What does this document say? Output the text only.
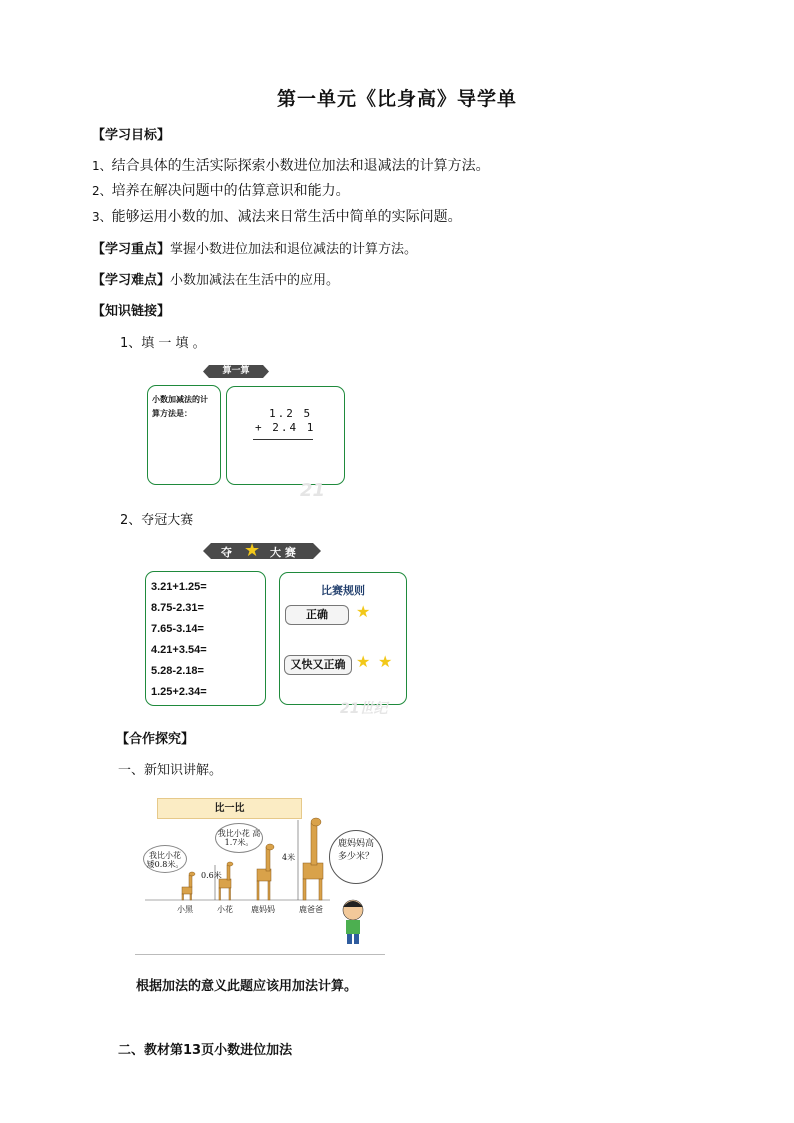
第一单元《比身高》导学单
【学习目标】
1、结合具体的生活实际探索小数进位加法和退减法的计算方法。
2、培养在解决问题中的估算意识和能力。
3、能够运用小数的加、减法来日常生活中简单的实际问题。
【学习重点】掌握小数进位加法和退位减法的计算方法。
【学习难点】小数加减法在生活中的应用。
【知识链接】
1、填 一 填 。
算一算
小数加减法的计
算方法是：	1.2 5
+ 2.4 1
21
2、夺冠大赛
夺 ★ 大 赛
3.21+1.25=
8.75-2.31=
7.65-3.14=
4.21+3.54=
5.28-2.18=
1.25+2.34=
比赛规则
正确	★
又快又正确 ★ ★
21世纪
【合作探究】
一、新知识讲解。
比一比
我比小花 矮0.8米。
我比小花 高1.7米。	鹿妈妈高多少米？
4米
0.6米
小黑	小花 鹿妈妈	鹿爸爸
根据加法的意义此题应该用加法计算。
二、教材第13页小数进位加法
